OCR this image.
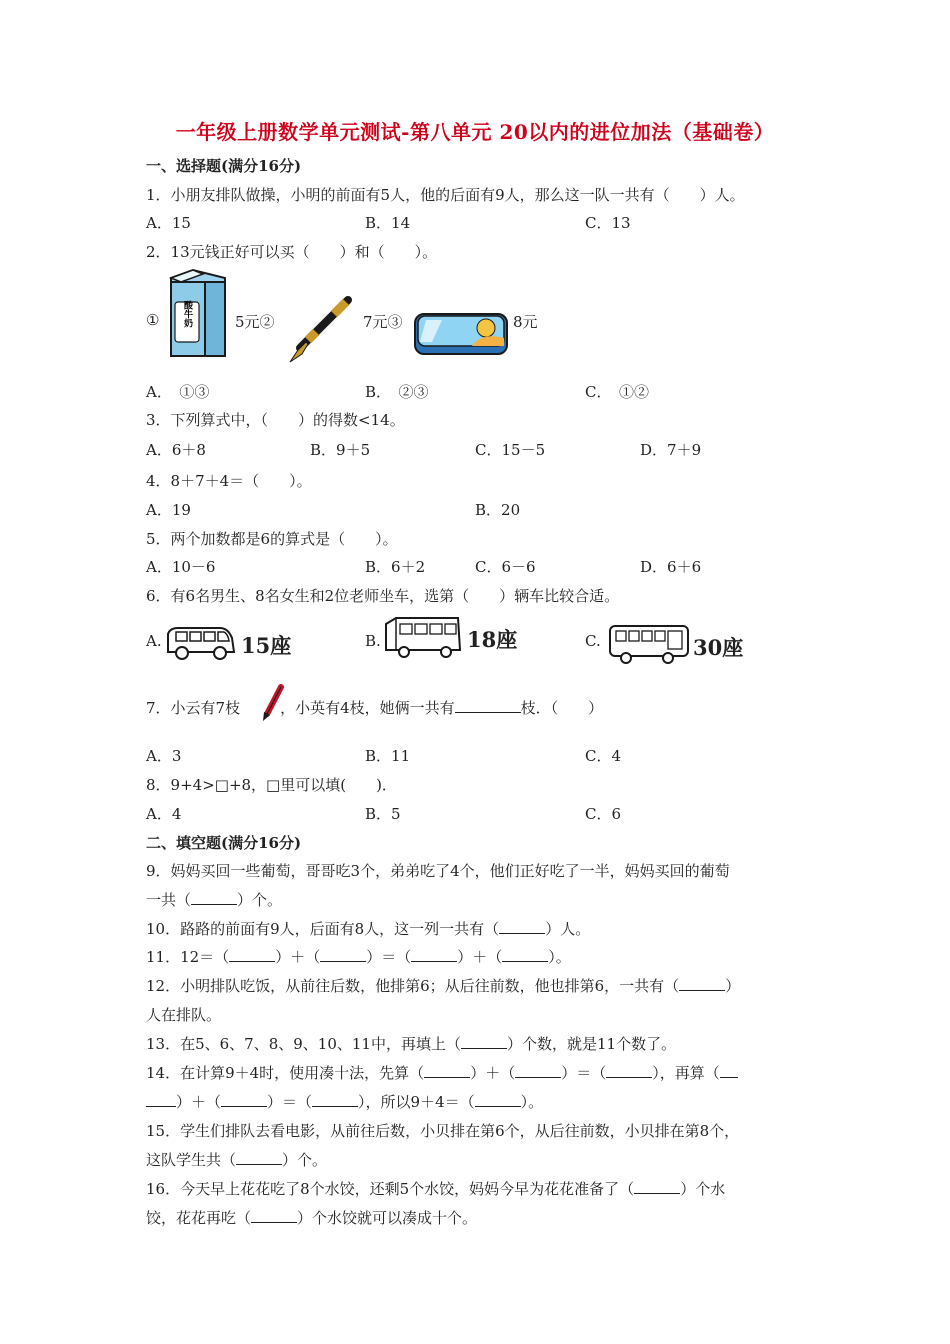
一年级上册数学单元测试-第八单元 20以内的进位加法（基础卷）
一、选择题(满分16分)
1．小朋友排队做操，小明的前面有5人，他的后面有9人，那么这一队一共有（　　）人。
A．15	B．14	C．13
2．13元钱正好可以买（　　）和（　　）。
①	酸牛奶	5元②	7元③	8元
A．　①③	B．　②③	C．　①②
3．下列算式中，（　　）的得数<14。
A．6＋8	B．9＋5	C．15－5	D．7＋9
4．8＋7＋4＝（　　）。
A．19	B．20
5．两个加数都是6的算式是（　　）。
A．10－6	B．6＋2	C．6－6	D．6＋6
6．有6名男生、8名女生和2位老师坐车，选第（　　）辆车比较合适。
A.	15座	B.	18座	C.	30座
7．小云有7枝	，小英有4枝，她俩一共有	枝．（　　）
A．3	B．11	C．4
8．9+4>□+8，□里可以填(　　)．
A．4	B．5	C．6
二、填空题(满分16分)
9．妈妈买回一些葡萄，哥哥吃3个，弟弟吃了4个，他们正好吃了一半，妈妈买回的葡萄
一共（	）个。
10．路路的前面有9人，后面有8人，这一列一共有（	）人。
11．12＝（	）＋（	）＝（	）＋（	）。
12．小明排队吃饭，从前往后数，他排第6；从后往前数，他也排第6，一共有（	）
人在排队。
13．在5、6、7、8、9、10、11中，再填上（	）个数，就是11个数了。
14．在计算9＋4时，使用凑十法，先算（	）＋（	）＝（	），再算（
）＋（	）＝（	），所以9＋4＝（	）。
15．学生们排队去看电影，从前往后数，小贝排在第6个，从后往前数，小贝排在第8个，
这队学生共（	）个。
16．今天早上花花吃了8个水饺，还剩5个水饺，妈妈今早为花花准备了（	）个水
饺，花花再吃（	）个水饺就可以凑成十个。
